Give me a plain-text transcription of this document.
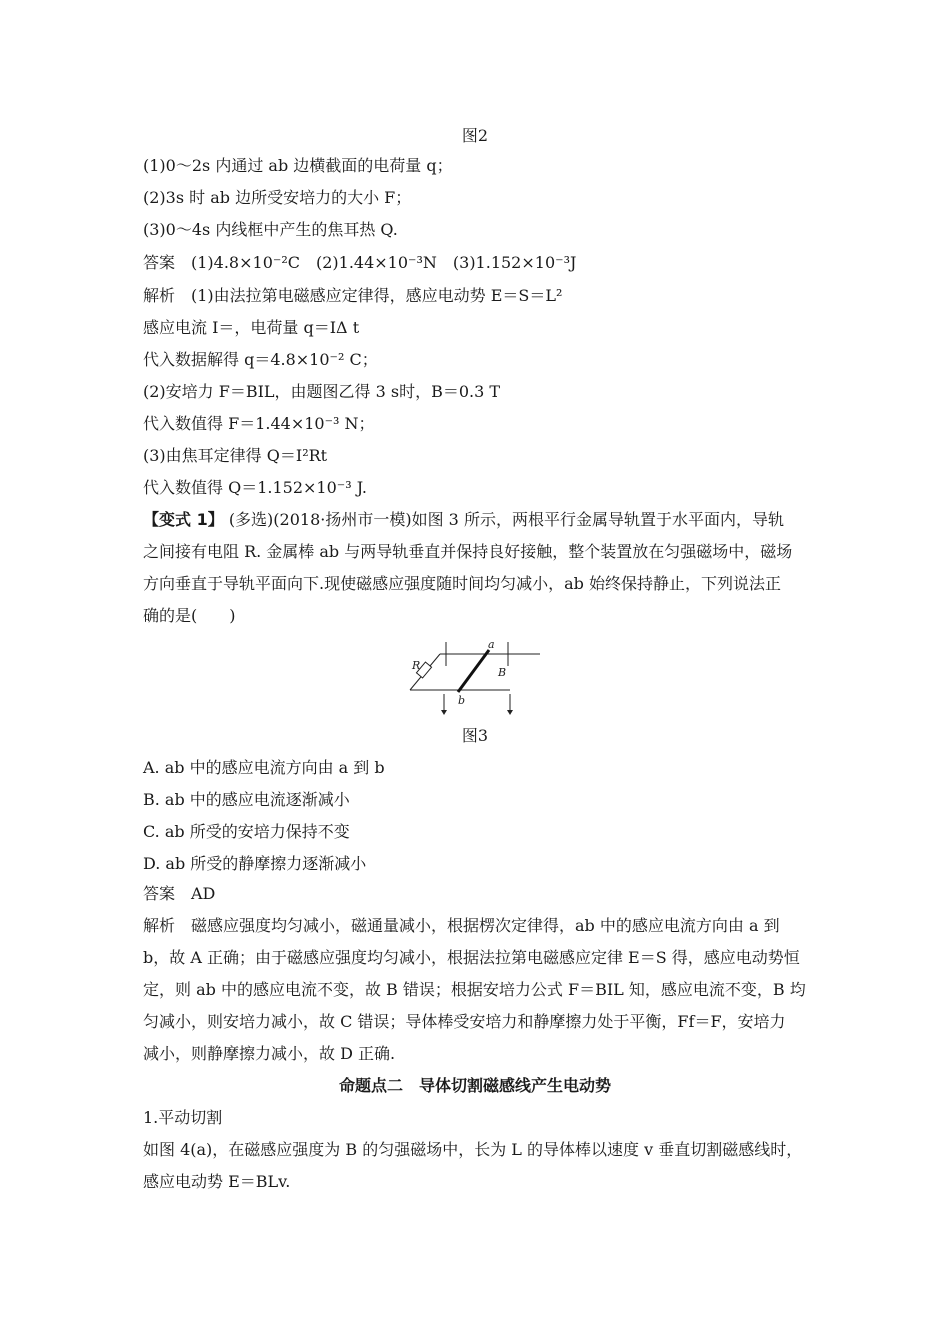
图2
(1)0～2s 内通过 ab 边横截面的电荷量 q；
(2)3s 时 ab 边所受安培力的大小 F；
(3)0～4s 内线框中产生的焦耳热 Q.
答案　(1)4.8×10⁻²C　(2)1.44×10⁻³N　(3)1.152×10⁻³J
解析　(1)由法拉第电磁感应定律得，感应电动势 E＝S＝L²
感应电流 I＝，电荷量 q＝IΔ t
代入数据解得 q＝4.8×10⁻² C；
(2)安培力 F＝BIL，由题图乙得 3 s时，B＝0.3 T
代入数值得 F＝1.44×10⁻³ N；
(3)由焦耳定律得 Q＝I²Rt
代入数值得 Q＝1.152×10⁻³ J.
【变式 1】 (多选)(2018·扬州市一模)如图 3 所示，两根平行金属导轨置于水平面内，导轨
之间接有电阻 R. 金属棒 ab 与两导轨垂直并保持良好接触，整个装置放在匀强磁场中，磁场
方向垂直于导轨平面向下.现使磁感应强度随时间均匀减小，ab 始终保持静止，下列说法正
确的是(　　)
R
a
b
B
图3
A. ab 中的感应电流方向由 a 到 b
B. ab 中的感应电流逐渐减小
C. ab 所受的安培力保持不变
D. ab 所受的静摩擦力逐渐减小
答案　AD
解析　磁感应强度均匀减小，磁通量减小，根据楞次定律得，ab 中的感应电流方向由 a 到
b，故 A 正确；由于磁感应强度均匀减小，根据法拉第电磁感应定律 E＝S 得，感应电动势恒
定，则 ab 中的感应电流不变，故 B 错误；根据安培力公式 F＝BIL 知，感应电流不变，B 均
匀减小，则安培力减小，故 C 错误；导体棒受安培力和静摩擦力处于平衡，Ff＝F，安培力
减小，则静摩擦力减小，故 D 正确.
命题点二　导体切割磁感线产生电动势
1.平动切割
如图 4(a)，在磁感应强度为 B 的匀强磁场中，长为 L 的导体棒以速度 v 垂直切割磁感线时，
感应电动势 E＝BLv.
